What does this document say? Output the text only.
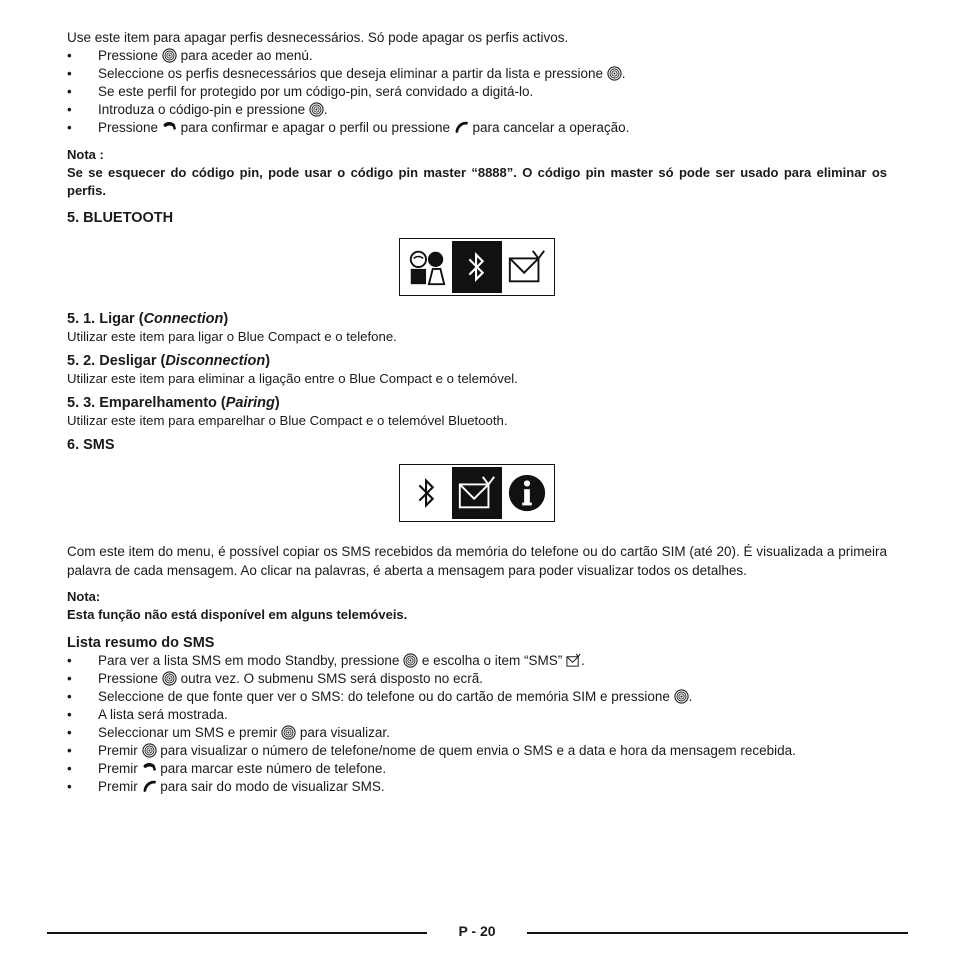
Use este item para apagar perfis desnecessários. Só pode apagar os perfis activos.

• Pressione para aceder ao menú.
• Seleccione os perfis desnecessários que deseja eliminar a partir da lista e pressione .
• Se este perfil for protegido por um código-pin, será convidado a digitá-lo.
• Introduza o código-pin e pressione .
• Pressione para confirmar e apagar o perfil ou pressione para cancelar a operação.
Nota :
Se se esquecer do código pin, pode usar o código pin master “8888”. O código pin master só pode ser usado para eliminar os perfis.
5. BLUETOOTH
5. 1. Ligar (Connection)
Utilizar este item para ligar o Blue Compact e o telefone.
5. 2. Desligar (Disconnection)
Utilizar este item para eliminar a ligação entre o Blue Compact e o telemóvel.
5. 3. Emparelhamento (Pairing)
Utilizar este item para emparelhar o Blue Compact e o telemóvel Bluetooth.
6. SMS

Com este item do menu, é possível copiar os SMS recebidos da memória do telefone ou do cartão SIM (até 20). É visualizada a primeira palavra de cada mensagem. Ao clicar na palavras, é aberta a mensagem para poder visualizar todos os detalhes.

Nota:
Esta função não está disponível em alguns telemóveis.
Lista resumo do SMS
• Para ver a lista SMS em modo Standby, pressione e escolha o item “SMS” .
• Pressione outra vez. O submenu SMS será disposto no ecrã.
• Seleccione de que fonte quer ver o SMS: do telefone ou do cartão de memória SIM e pressione .
• A lista será mostrada.
• Seleccionar um SMS e premir para visualizar.
• Premir para visualizar o número de telefone/nome de quem envia o SMS e a data e hora da mensagem recebida.
• Premir para marcar este número de telefone.
• Premir para sair do modo de visualizar SMS.
P - 20
